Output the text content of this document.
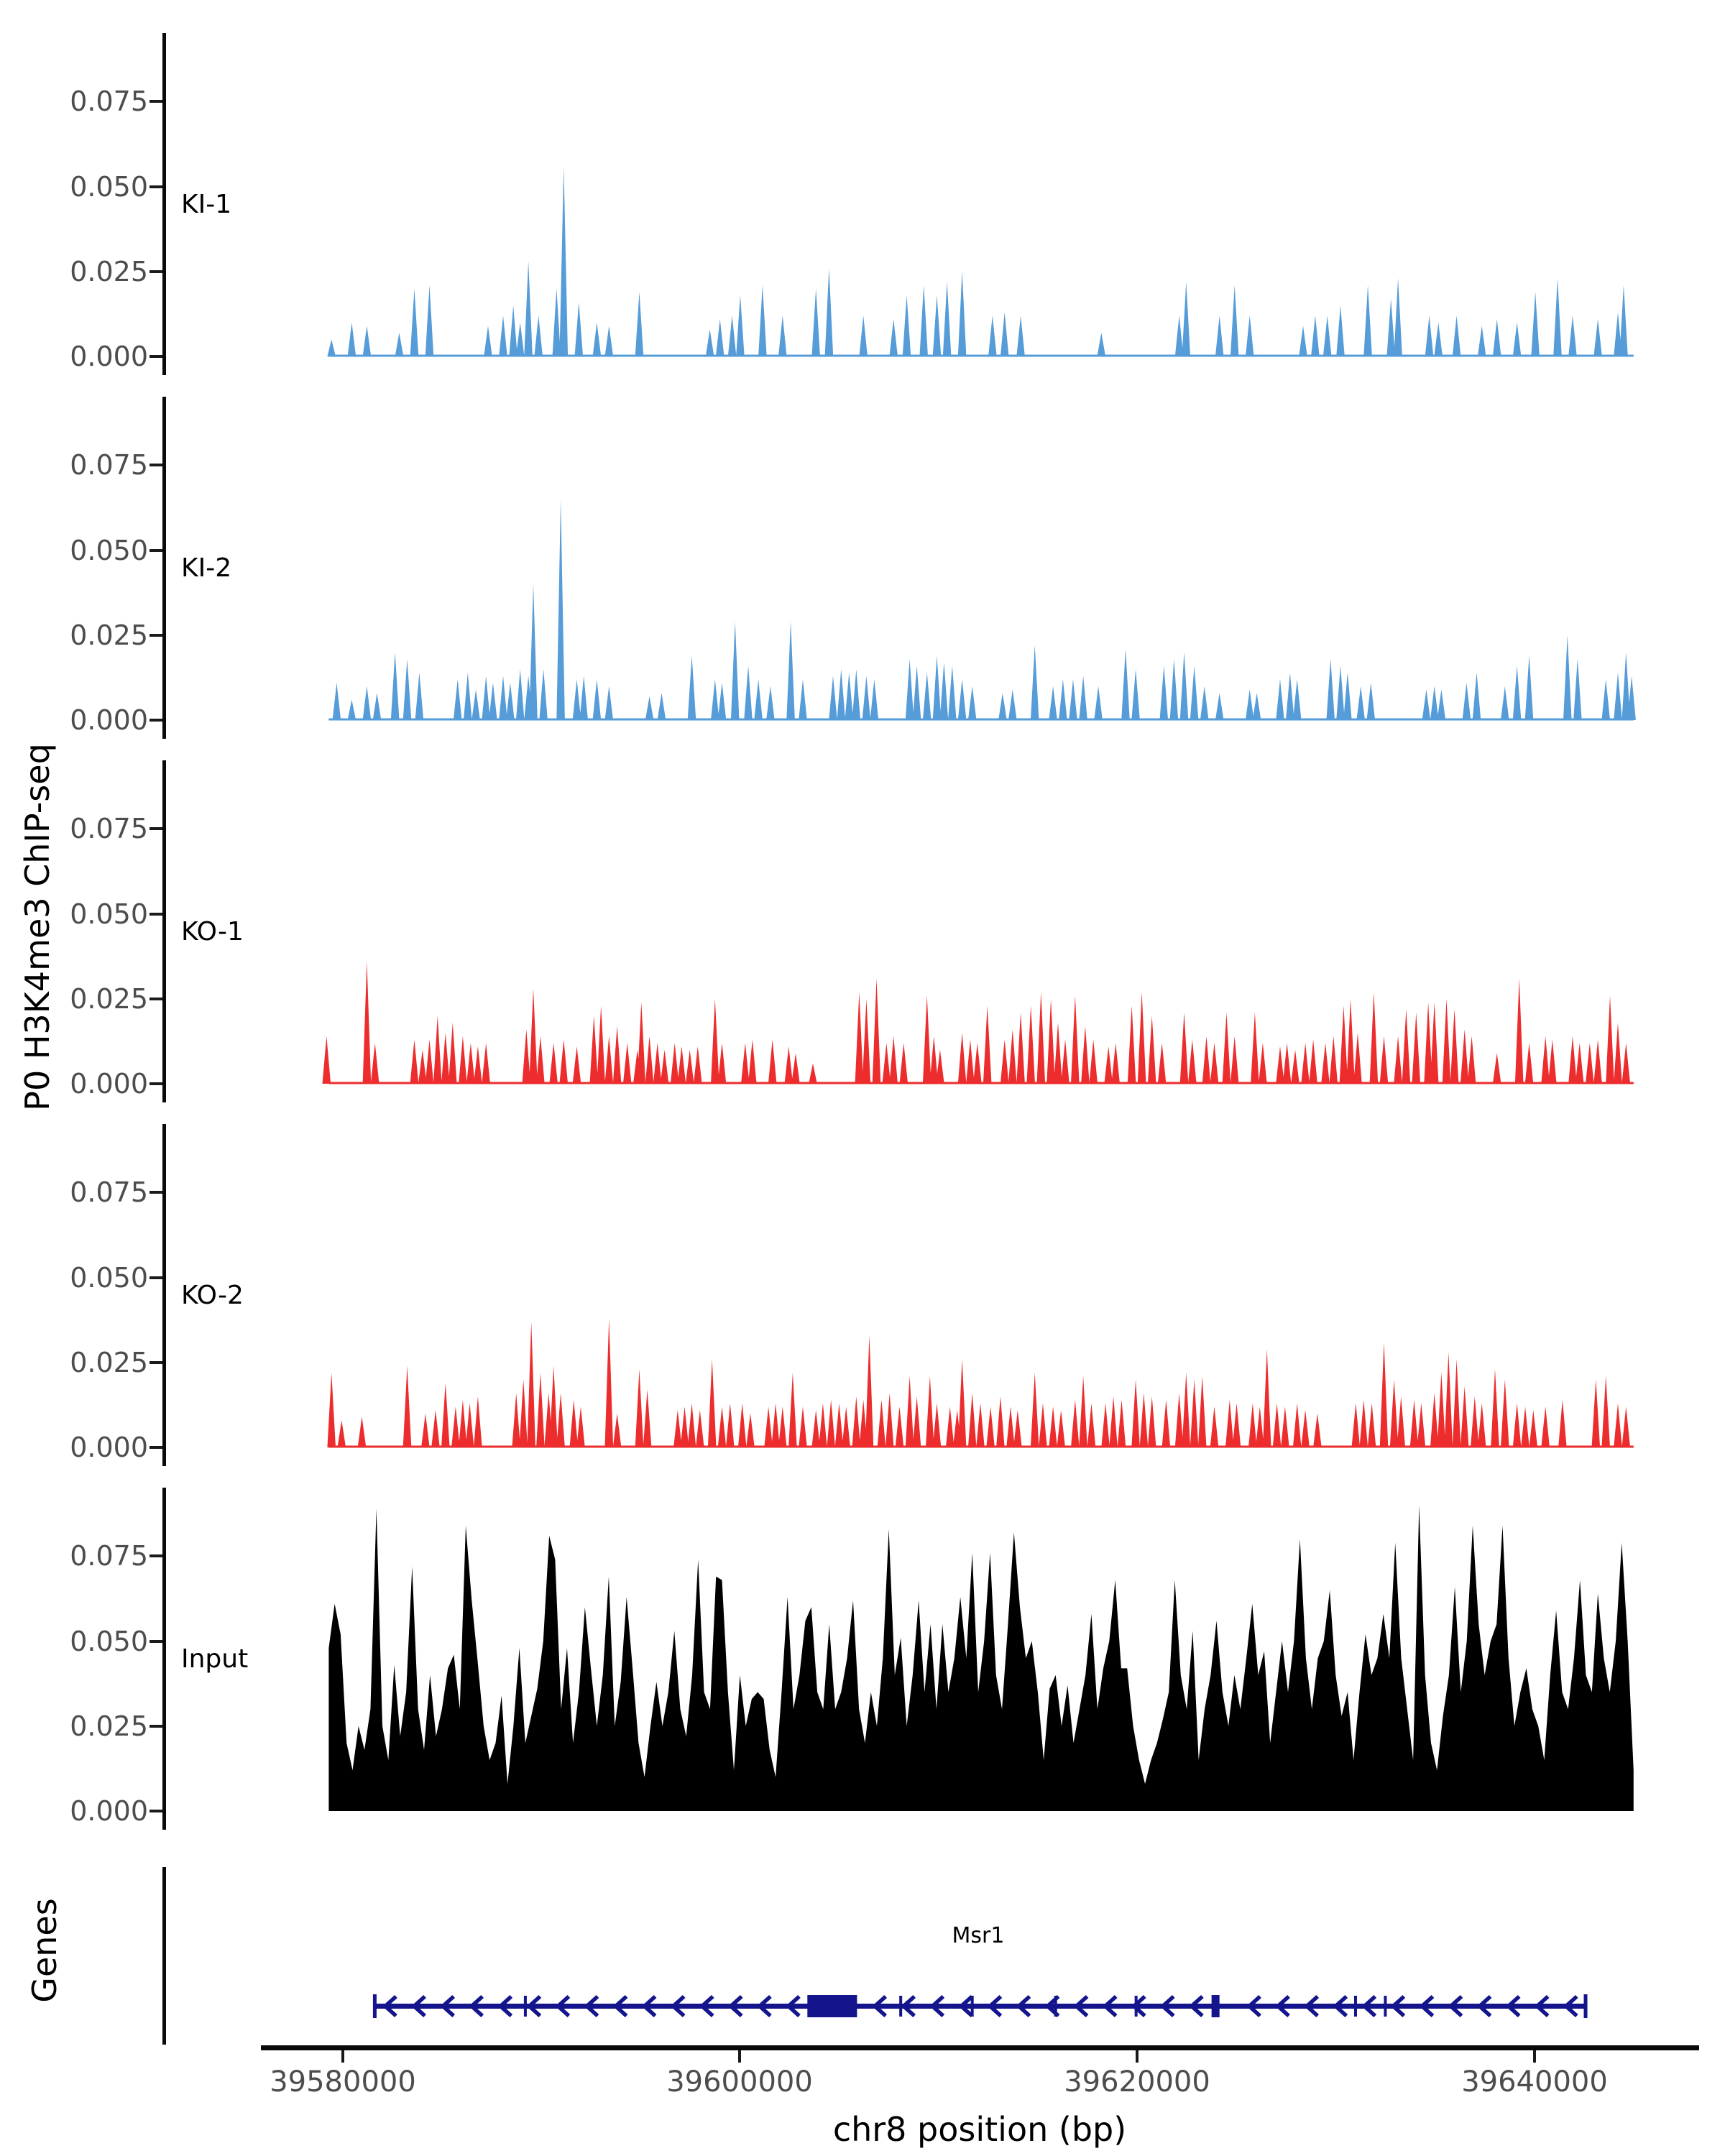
P0 H3K4me3 ChIP-seq
Genes
0.075
0.050
0.025
0.000
KI-1
0.075
0.050
0.025
0.000
KI-2
0.075
0.050
0.025
0.000
KO-1
0.075
0.050
0.025
0.000
KO-2
0.075
0.050
0.025
0.000
Input
39580000	39600000	39620000	39640000
Msr1
chr8 position (bp)
